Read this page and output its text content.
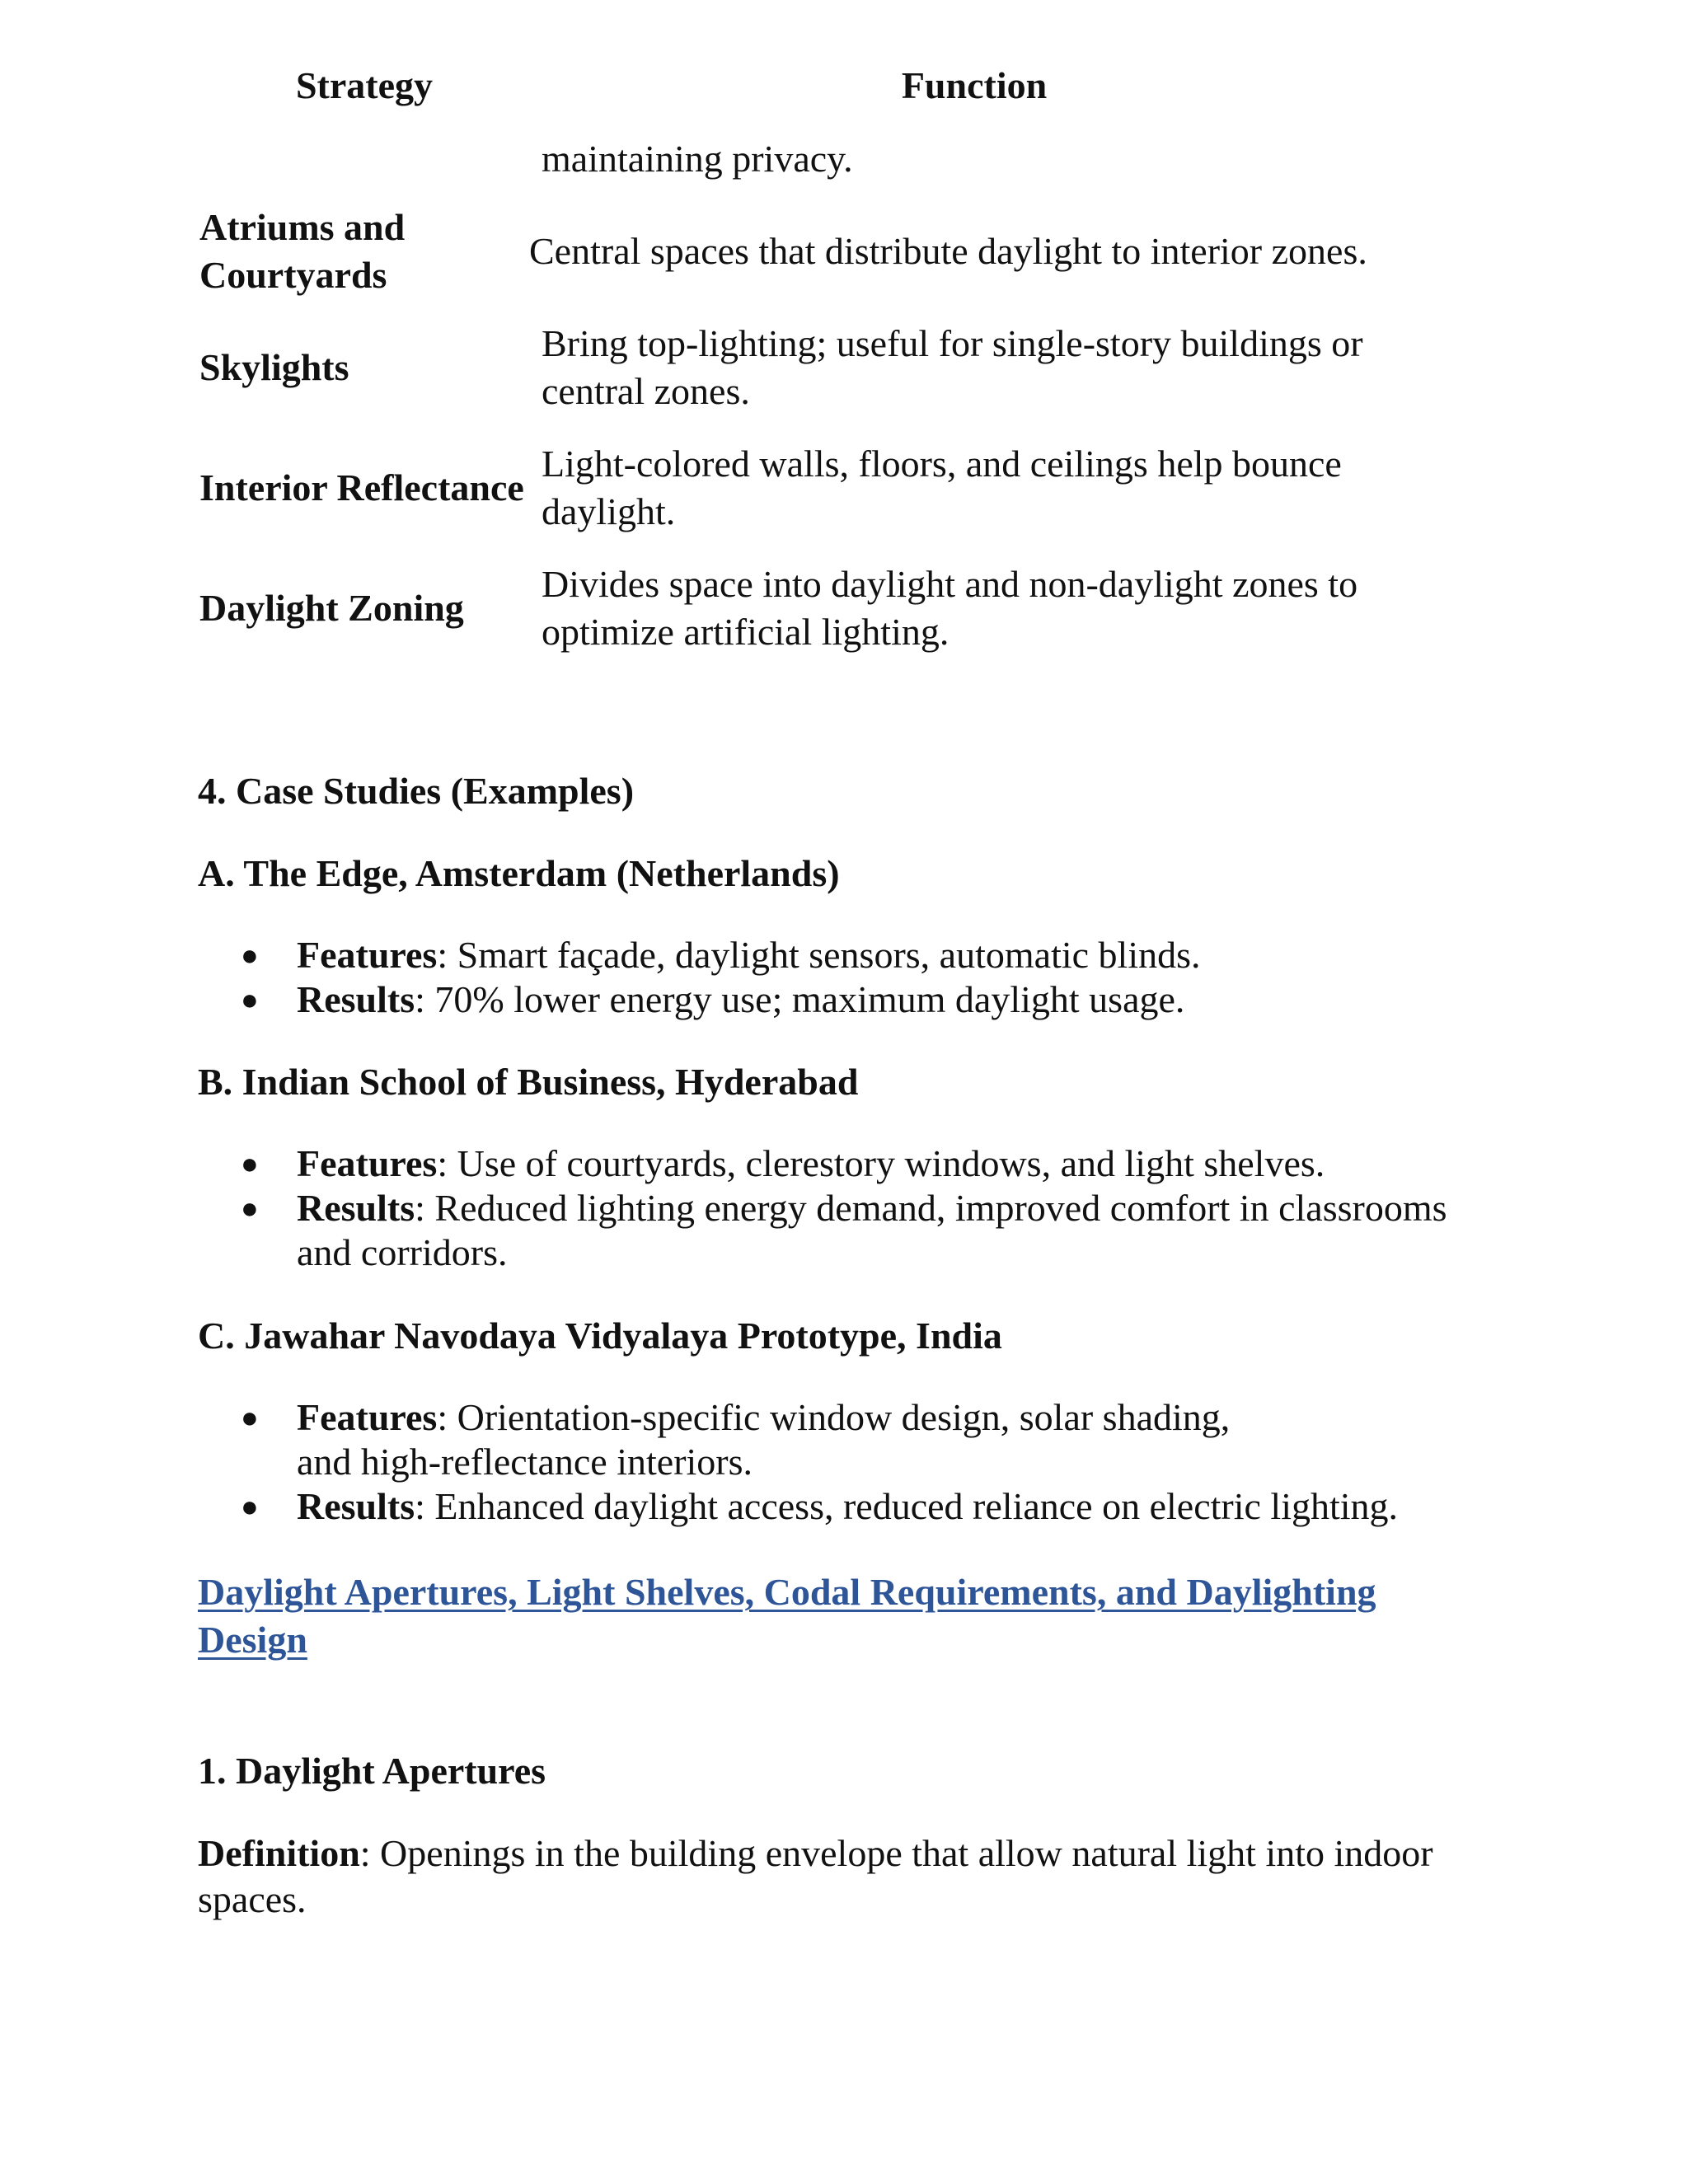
Strategy	Function
maintaining privacy.
Atriums and Courtyards
Central spaces that distribute daylight to interior zones.
Skylights
Bring top-lighting; useful for single-story buildings or central zones.
Interior Reflectance
Light-colored walls, floors, and ceilings help bounce daylight.
Daylight Zoning
Divides space into daylight and non-daylight zones to optimize artificial lighting.

4. Case Studies (Examples)

A. The Edge, Amsterdam (Netherlands)

● Features: Smart façade, daylight sensors, automatic blinds.
● Results: 70% lower energy use; maximum daylight usage.

B. Indian School of Business, Hyderabad

● Features: Use of courtyards, clerestory windows, and light shelves.
● Results: Reduced lighting energy demand, improved comfort in classrooms and corridors.

C. Jawahar Navodaya Vidyalaya Prototype, India

● Features: Orientation-specific window design, solar shading, and high-reflectance interiors.
● Results: Enhanced daylight access, reduced reliance on electric lighting.
Daylight Apertures, Light Shelves, Codal Requirements, and Daylighting Design

1. Daylight Apertures

Definition: Openings in the building envelope that allow natural light into indoor spaces.
